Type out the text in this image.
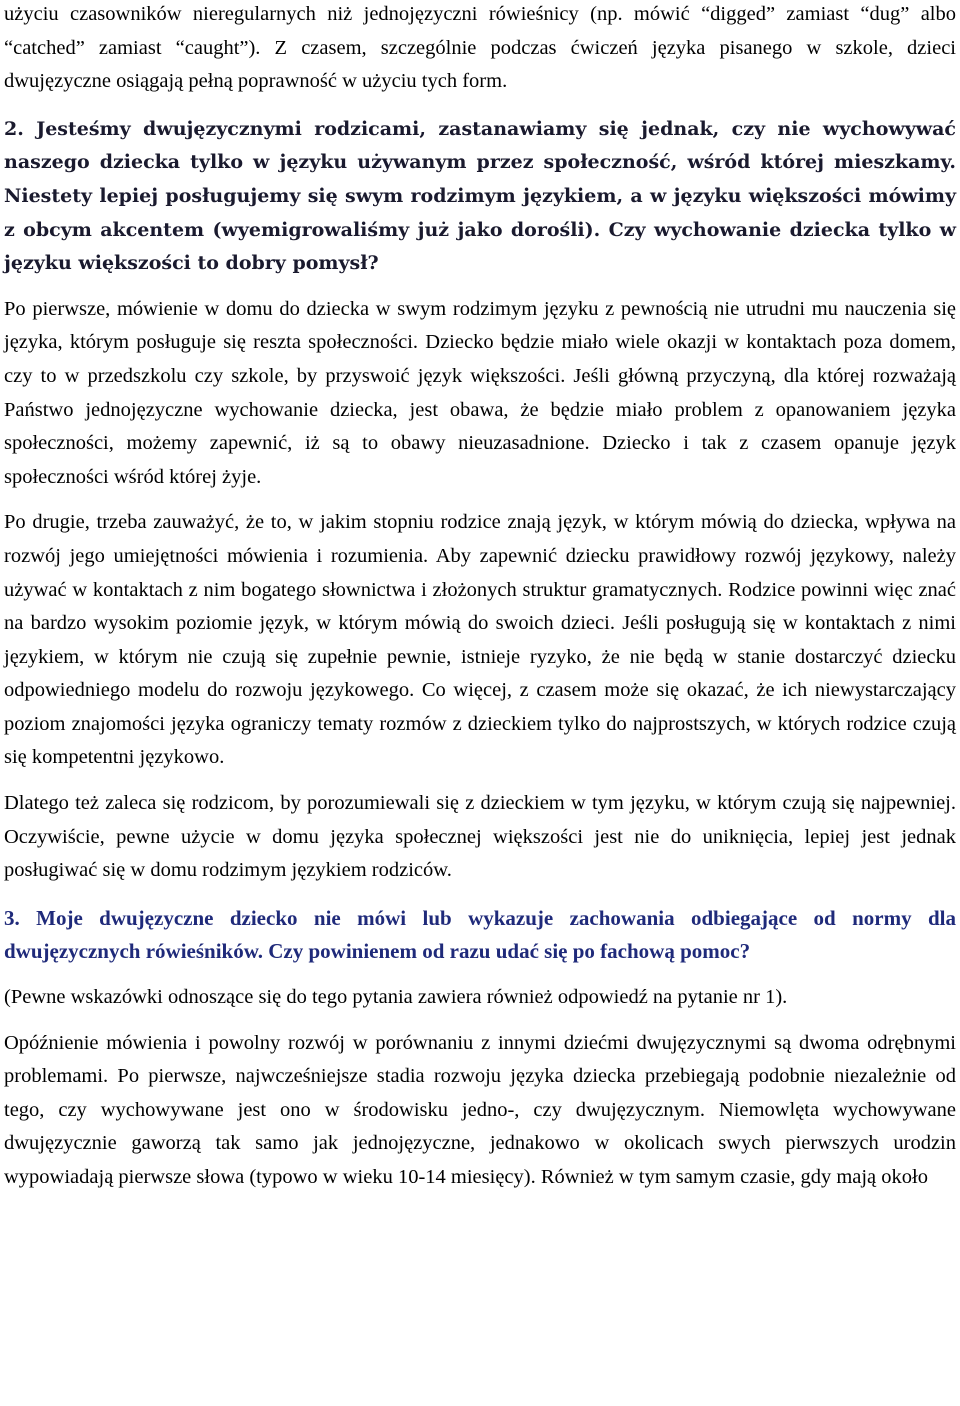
użyciu czasowników nieregularnych niż jednojęzyczni rówieśnicy (np. mówić “digged” zamiast “dug” albo “catched” zamiast “caught”). Z czasem, szczególnie podczas ćwiczeń języka pisanego w szkole, dzieci dwujęzyczne osiągają pełną poprawność w użyciu tych form.

2. Jesteśmy dwujęzycznymi rodzicami, zastanawiamy się jednak, czy nie wychowywać naszego dziecka tylko w języku używanym przez społeczność, wśród której mieszkamy. Niestety lepiej posługujemy się swym rodzimym językiem, a w języku większości mówimy z obcym akcentem (wyemigrowaliśmy już jako dorośli). Czy wychowanie dziecka tylko w języku większości to dobry pomysł?

Po pierwsze, mówienie w domu do dziecka w swym rodzimym języku z pewnością nie utrudni mu nauczenia się języka, którym posługuje się reszta społeczności. Dziecko będzie miało wiele okazji w kontaktach poza domem, czy to w przedszkolu czy szkole, by przyswoić język większości. Jeśli główną przyczyną, dla której rozważają Państwo jednojęzyczne wychowanie dziecka, jest obawa, że będzie miało problem z opanowaniem języka społeczności, możemy zapewnić, iż są to obawy nieuzasadnione. Dziecko i tak z czasem opanuje język społeczności wśród której żyje.

Po drugie, trzeba zauważyć, że to, w jakim stopniu rodzice znają język, w którym mówią do dziecka, wpływa na rozwój jego umiejętności mówienia i rozumienia. Aby zapewnić dziecku prawidłowy rozwój językowy, należy używać w kontaktach z nim bogatego słownictwa i złożonych struktur gramatycznych. Rodzice powinni więc znać na bardzo wysokim poziomie język, w którym mówią do swoich dzieci. Jeśli posługują się w kontaktach z nimi językiem, w którym nie czują się zupełnie pewnie, istnieje ryzyko, że nie będą w stanie dostarczyć dziecku odpowiedniego modelu do rozwoju językowego. Co więcej, z czasem może się okazać, że ich niewystarczający poziom znajomości języka ograniczy tematy rozmów z dzieckiem tylko do najprostszych, w których rodzice czują się kompetentni językowo.

Dlatego też zaleca się rodzicom, by porozumiewali się z dzieckiem w tym języku, w którym czują się najpewniej. Oczywiście, pewne użycie w domu języka społecznej większości jest nie do uniknięcia, lepiej jest jednak posługiwać się w domu rodzimym językiem rodziców.

3. Moje dwujęzyczne dziecko nie mówi lub wykazuje zachowania odbiegające od normy dla dwujęzycznych rówieśników. Czy powinienem od razu udać się po fachową pomoc?

(Pewne wskazówki odnoszące się do tego pytania zawiera również odpowiedź na pytanie nr 1).

Opóźnienie mówienia i powolny rozwój w porównaniu z innymi dziećmi dwujęzycznymi są dwoma odrębnymi problemami. Po pierwsze, najwcześniejsze stadia rozwoju języka dziecka przebiegają podobnie niezależnie od tego, czy wychowywane jest ono w środowisku jedno-, czy dwujęzycznym. Niemowlęta wychowywane dwujęzycznie gaworzą tak samo jak jednojęzyczne, jednakowo w okolicach swych pierwszych urodzin wypowiadają pierwsze słowa (typowo w wieku 10-14 miesięcy). Również w tym samym czasie, gdy mają około
